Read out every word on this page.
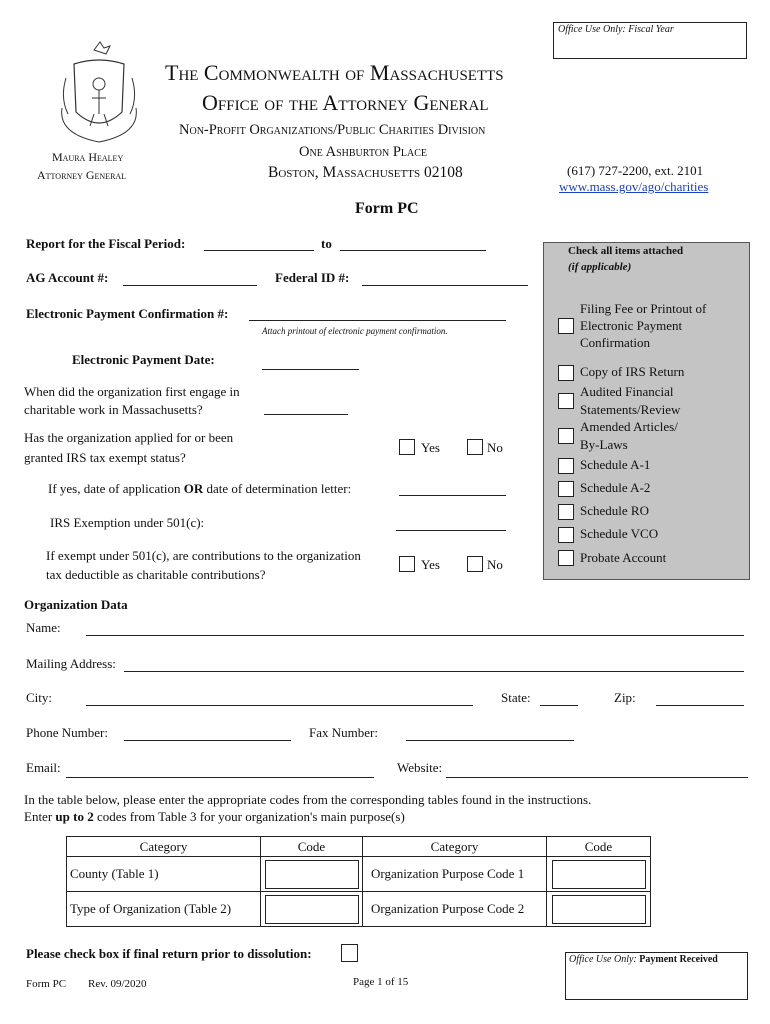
Office Use Only: Fiscal Year
The Commonwealth of Massachusetts
Office of the Attorney General
Non-Profit Organizations/Public Charities Division
One Ashburton Place
Boston, Massachusetts 02108
Maura Healey
Attorney General	(617) 727-2200, ext. 2101
www.mass.gov/ago/charities
Form PC
Report for the Fiscal Period:	to
AG Account #:	Federal ID #:
Electronic Payment Confirmation #:
Attach printout of electronic payment confirmation.
Electronic Payment Date:
When did the organization first engage in
charitable work in Massachusetts?
Has the organization applied for or been
granted IRS tax exempt status?
Yes	No
If yes, date of application OR date of determination letter:
IRS Exemption under 501(c):
If exempt under 501(c), are contributions to the organization
tax deductible as charitable contributions?
Yes	No
Check all items attached
(if applicable)
Filing Fee or Printout of
Electronic Payment
Confirmation
Copy of IRS Return
Audited Financial
Statements/Review
Amended Articles/
By-Laws
Schedule A-1
Schedule A-2
Schedule RO
Schedule VCO
Probate Account
Organization Data
Name:
Mailing Address:
City:	State:	Zip:
Phone Number:	Fax Number:
Email:	Website:
In the table below, please enter the appropriate codes from the corresponding tables found in the instructions.
Enter up to 2 codes from Table 3 for your organization's main purpose(s)
Category	Code	Category	Code
County (Table 1)		Organization Purpose Code 1	

Type of Organization (Table 2)		Organization Purpose Code 2	
Please check box if final return prior to dissolution:	Office Use Only: Payment Received
Form PC Rev. 09/2020	Page 1 of 15
